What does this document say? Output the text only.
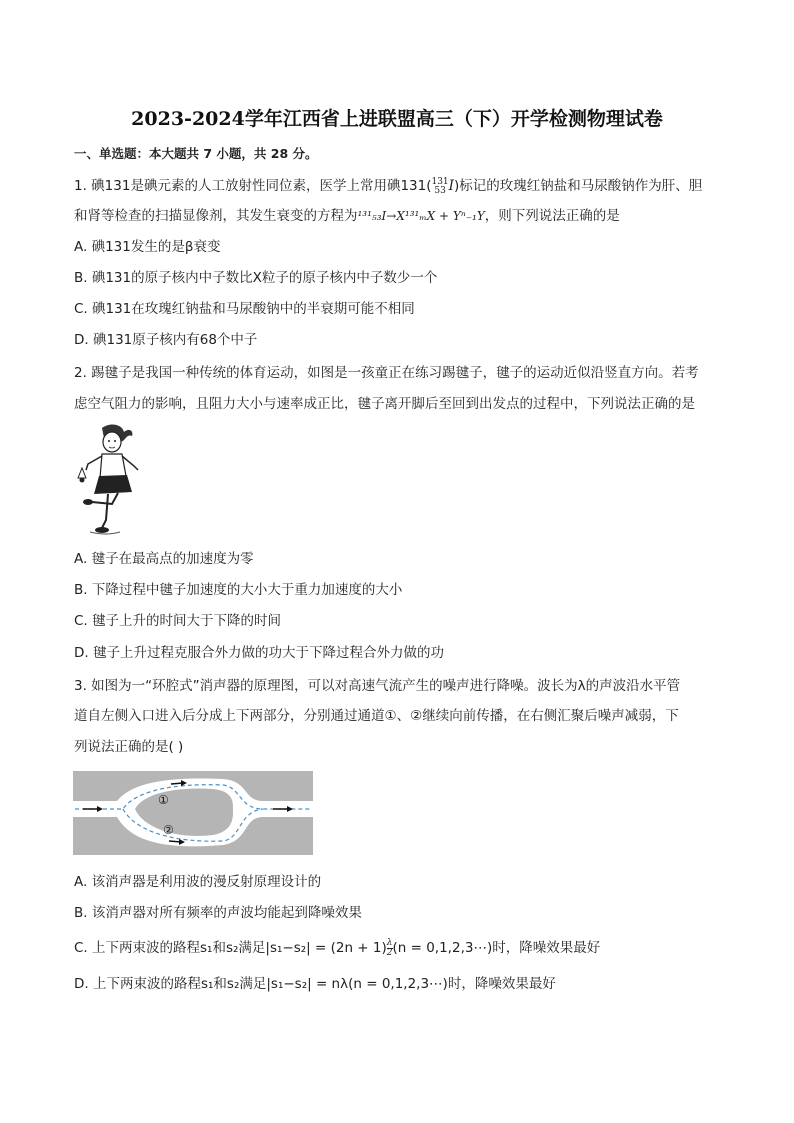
2023-2024学年江西省上进联盟高三（下）开学检测物理试卷
一、单选题：本大题共 7 小题，共 28 分。
1. 碘131是碘元素的人工放射性同位素，医学上常用碘131( 131
53 I)标记的玫瑰红钠盐和马尿酸钠作为肝、胆
和肾等检查的扫描显像剂，其发生衰变的方程为¹³¹₅₃I→X¹³¹ₘX + Yⁿ₋₁Y，则下列说法正确的是
A. 碘131发生的是β衰变
B. 碘131的原子核内中子数比X粒子的原子核内中子数少一个
C. 碘131在玫瑰红钠盐和马尿酸钠中的半衰期可能不相同
D. 碘131原子核内有68个中子
2. 踢毽子是我国一种传统的体育运动，如图是一孩童正在练习踢毽子，毽子的运动近似沿竖直方向。若考
虑空气阻力的影响，且阻力大小与速率成正比，毽子离开脚后至回到出发点的过程中，下列说法正确的是
A. 毽子在最高点的加速度为零
B. 下降过程中毽子加速度的大小大于重力加速度的大小
C. 毽子上升的时间大于下降的时间
D. 毽子上升过程克服合外力做的功大于下降过程合外力做的功
3. 如图为一“环腔式”消声器的原理图，可以对高速气流产生的噪声进行降噪。波长为λ的声波沿水平管
道自左侧入口进入后分成上下两部分，分别通过通道①、②继续向前传播，在右侧汇聚后噪声减弱，下
列说法正确的是( )
①
②
A. 该消声器是利用波的漫反射原理设计的
B. 该消声器对所有频率的声波均能起到降噪效果
C. 上下两束波的路程s₁和s₂满足$|s_1-s_2| = (2n + 1) \frac{\lambda}{2} (n$ = 0,1,2,3⋯)时，降噪效果最好
D. 上下两束波的路程s₁和s₂满足|s₁−s₂| = nλ(n = 0,1,2,3⋯)时，降噪效果最好
